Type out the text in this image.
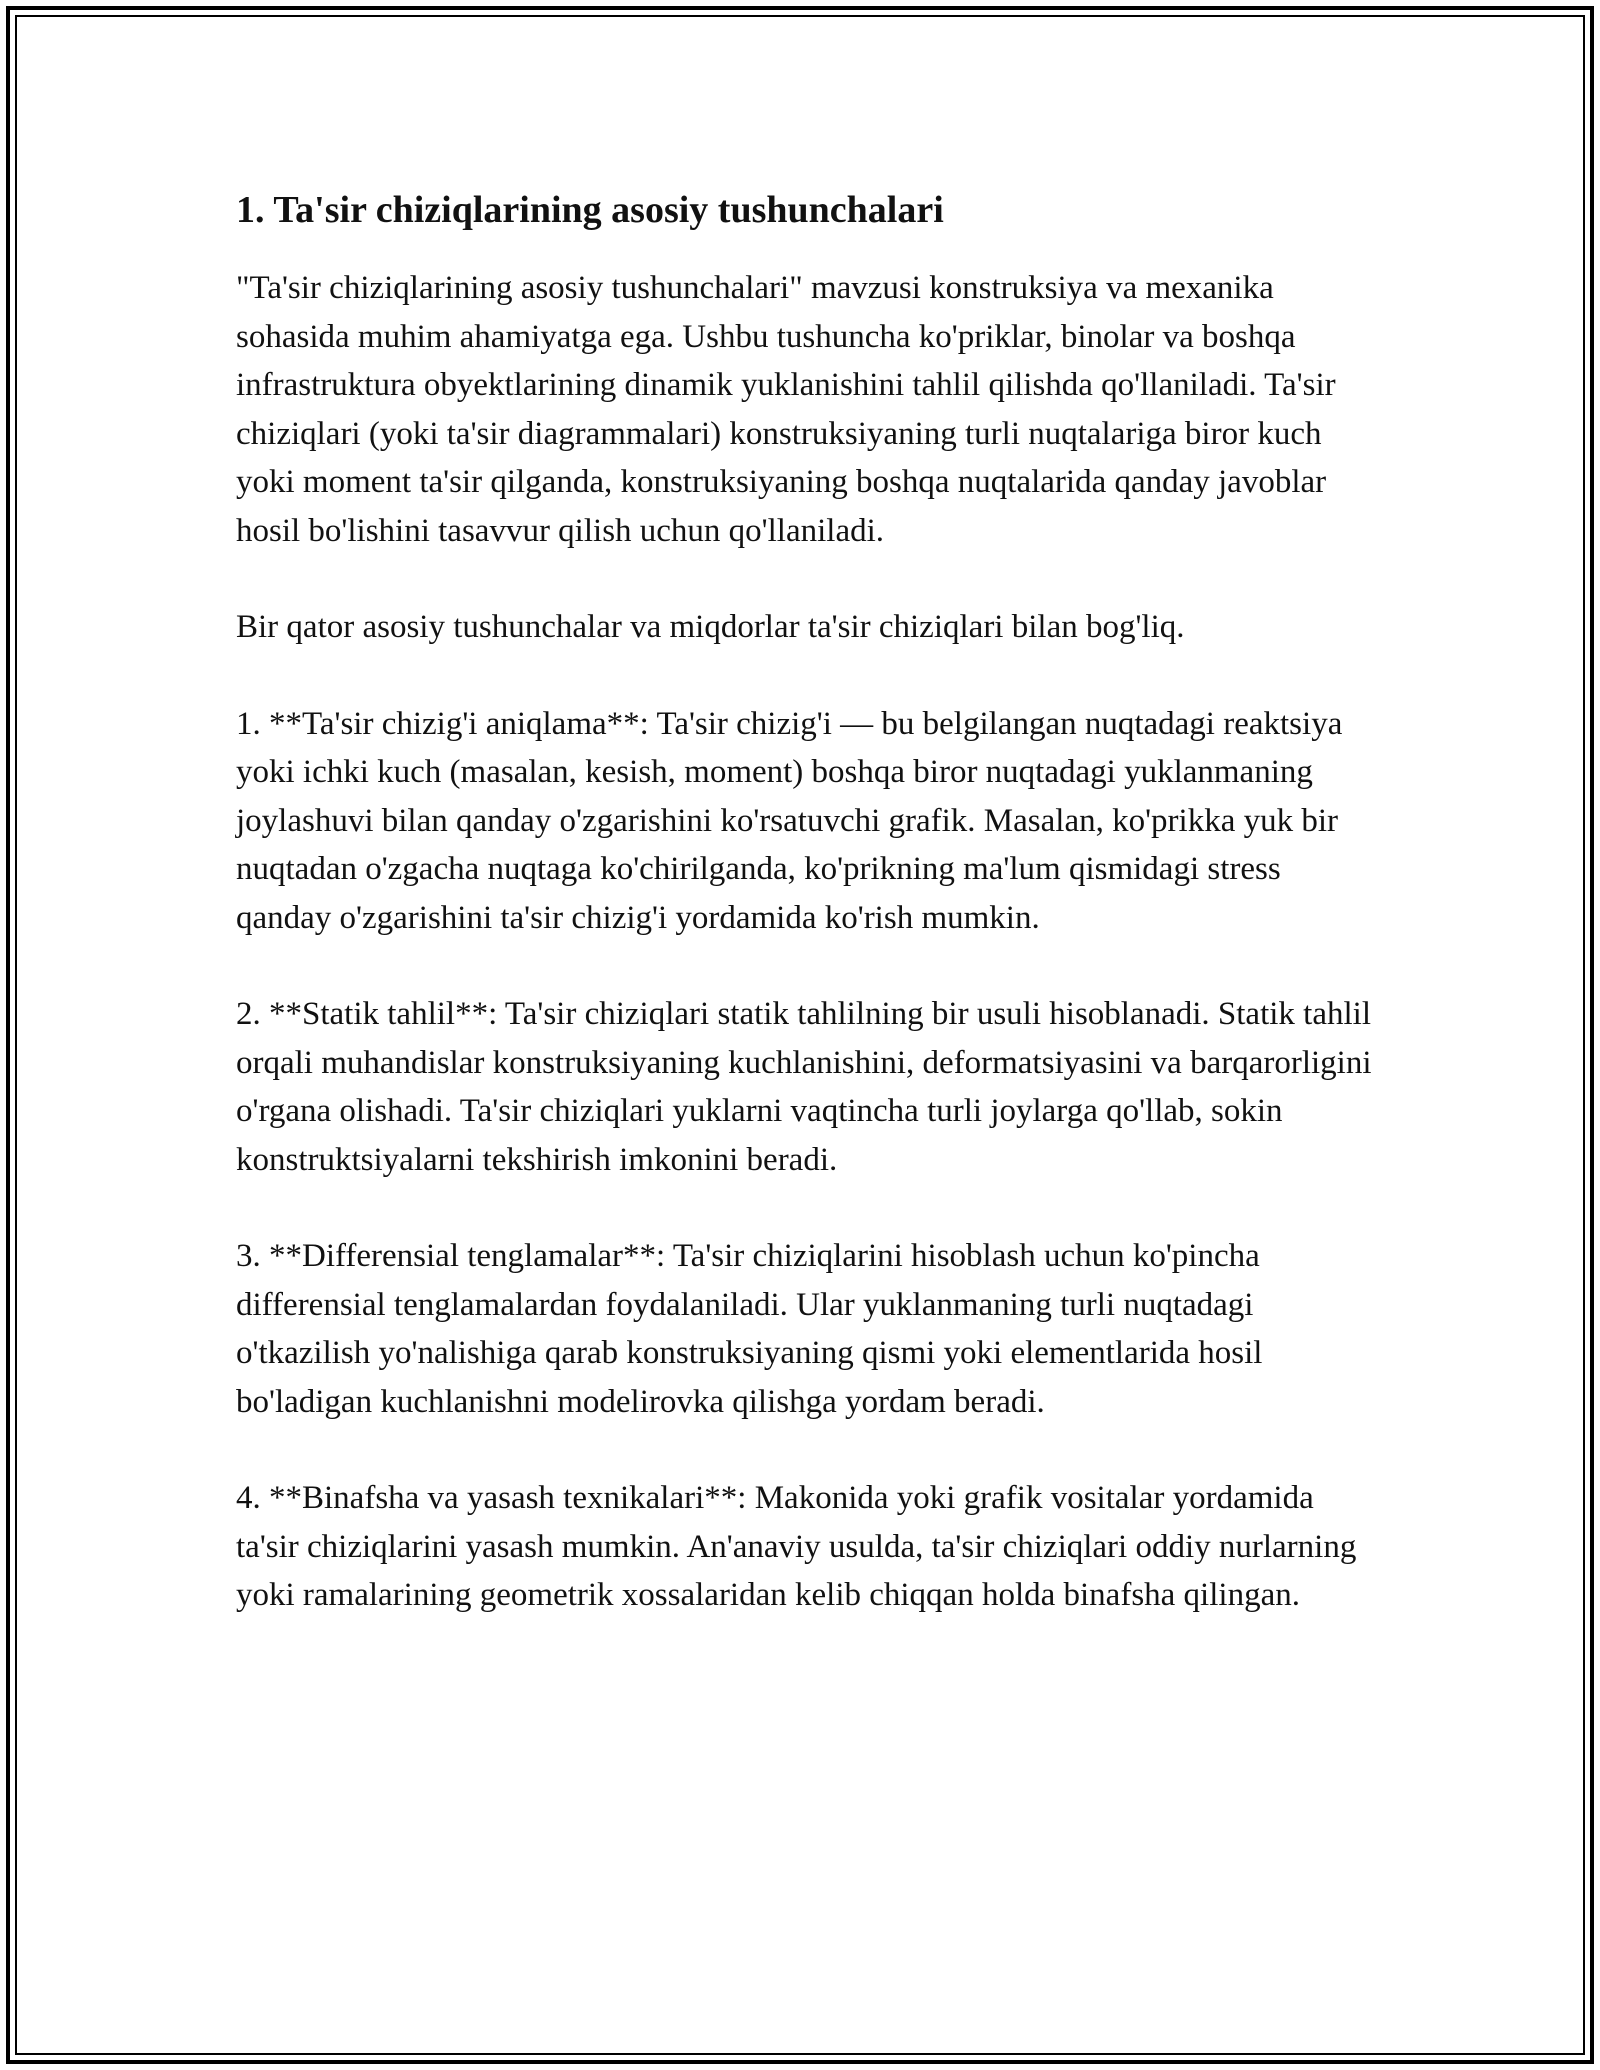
1. Ta'sir chiziqlarining asosiy tushunchalari

"Ta'sir chiziqlarining asosiy tushunchalari" mavzusi konstruksiya va mexanika sohasida muhim ahamiyatga ega. Ushbu tushuncha ko'priklar, binolar va boshqa infrastruktura obyektlarining dinamik yuklanishini tahlil qilishda qo'llaniladi. Ta'sir chiziqlari (yoki ta'sir diagrammalari) konstruksiyaning turli nuqtalariga biror kuch yoki moment ta'sir qilganda, konstruksiyaning boshqa nuqtalarida qanday javoblar hosil bo'lishini tasavvur qilish uchun qo'llaniladi.

Bir qator asosiy tushunchalar va miqdorlar ta'sir chiziqlari bilan bog'liq.

1. **Ta'sir chizig'i aniqlama**: Ta'sir chizig'i — bu belgilangan nuqtadagi reaktsiya yoki ichki kuch (masalan, kesish, moment) boshqa biror nuqtadagi yuklanmaning joylashuvi bilan qanday o'zgarishini ko'rsatuvchi grafik. Masalan, ko'prikka yuk bir nuqtadan o'zgacha nuqtaga ko'chirilganda, ko'prikning ma'lum qismidagi stress qanday o'zgarishini ta'sir chizig'i yordamida ko'rish mumkin.

2. **Statik tahlil**: Ta'sir chiziqlari statik tahlilning bir usuli hisoblanadi. Statik tahlil orqali muhandislar konstruksiyaning kuchlanishini, deformatsiyasini va barqarorligini o'rgana olishadi. Ta'sir chiziqlari yuklarni vaqtincha turli joylarga qo'llab, sokin konstruktsiyalarni tekshirish imkonini beradi.

3. **Differensial tenglamalar**: Ta'sir chiziqlarini hisoblash uchun ko'pincha differensial tenglamalardan foydalaniladi. Ular yuklanmaning turli nuqtadagi o'tkazilish yo'nalishiga qarab konstruksiyaning qismi yoki elementlarida hosil bo'ladigan kuchlanishni modelirovka qilishga yordam beradi.

4. **Binafsha va yasash texnikalari**: Makonida yoki grafik vositalar yordamida ta'sir chiziqlarini yasash mumkin. An'anaviy usulda, ta'sir chiziqlari oddiy nurlarning yoki ramalarining geometrik xossalaridan kelib chiqqan holda binafsha qilingan.
